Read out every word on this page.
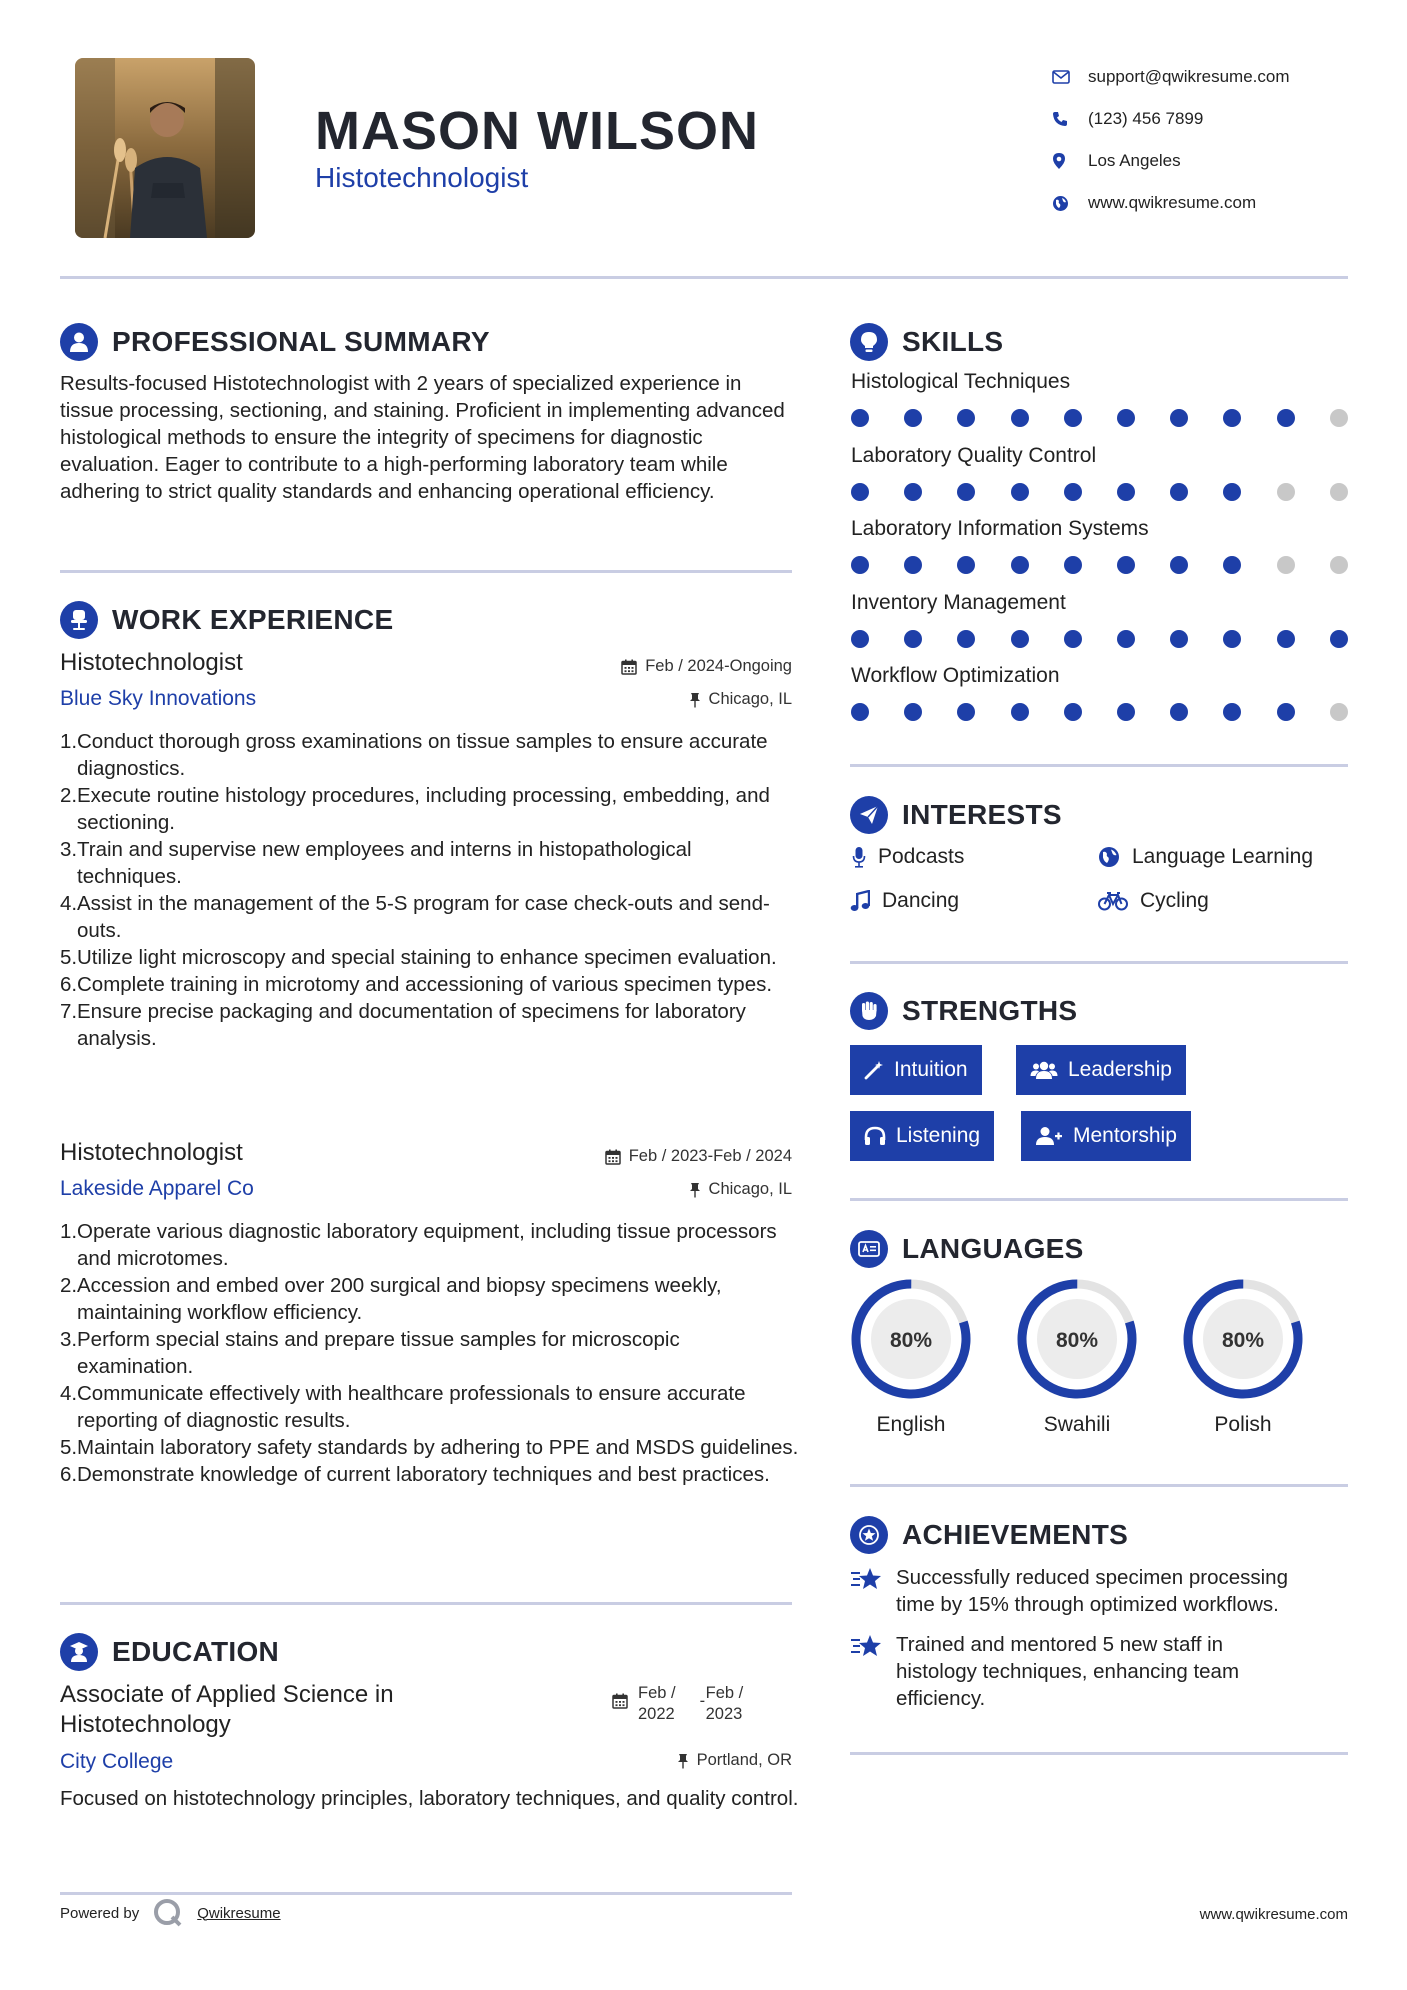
MASON WILSON
Histotechnologist
support@qwikresume.com
(123) 456 7899
Los Angeles
www.qwikresume.com
PROFESSIONAL SUMMARY
Results-focused Histotechnologist with 2 years of specialized experience in tissue processing, sectioning, and staining. Proficient in implementing advanced histological methods to ensure the integrity of specimens for diagnostic evaluation. Eager to contribute to a high-performing laboratory team while adhering to strict quality standards and enhancing operational efficiency.
WORK EXPERIENCE
Histotechnologist	Feb / 2024-Ongoing
Blue Sky Innovations	Chicago, IL
Conduct thorough gross examinations on tissue samples to ensure accurate diagnostics.
Execute routine histology procedures, including processing, embedding, and sectioning.
Train and supervise new employees and interns in histopathological techniques.
Assist in the management of the 5-S program for case check-outs and send-outs.
Utilize light microscopy and special staining to enhance specimen evaluation.
Complete training in microtomy and accessioning of various specimen types.
Ensure precise packaging and documentation of specimens for laboratory analysis.
Histotechnologist	Feb / 2023-Feb / 2024
Lakeside Apparel Co	Chicago, IL
Operate various diagnostic laboratory equipment, including tissue processors and microtomes.
Accession and embed over 200 surgical and biopsy specimens weekly, maintaining workflow efficiency.
Perform special stains and prepare tissue samples for microscopic examination.
Communicate effectively with healthcare professionals to ensure accurate reporting of diagnostic results.
Maintain laboratory safety standards by adhering to PPE and MSDS guidelines.
Demonstrate knowledge of current laboratory techniques and best practices.
EDUCATION
Associate of Applied Science in
Histotechnology
Feb /
2022
- Feb /
2023
City College	Portland, OR
Focused on histotechnology principles, laboratory techniques, and quality control.
Powered by	Qwikresume	www.qwikresume.com
SKILLS
Histological Techniques
Laboratory Quality Control
Laboratory Information Systems
Inventory Management
Workflow Optimization
INTERESTS
Podcasts	Language Learning
Dancing	Cycling
STRENGTHS
Intuition	Leadership
Listening	Mentorship
LANGUAGES
80%
English
80%
Swahili
80%
Polish
ACHIEVEMENTS
Successfully reduced specimen processing
time by 15% through optimized workflows.
Trained and mentored 5 new staff in
histology techniques, enhancing team
efficiency.
